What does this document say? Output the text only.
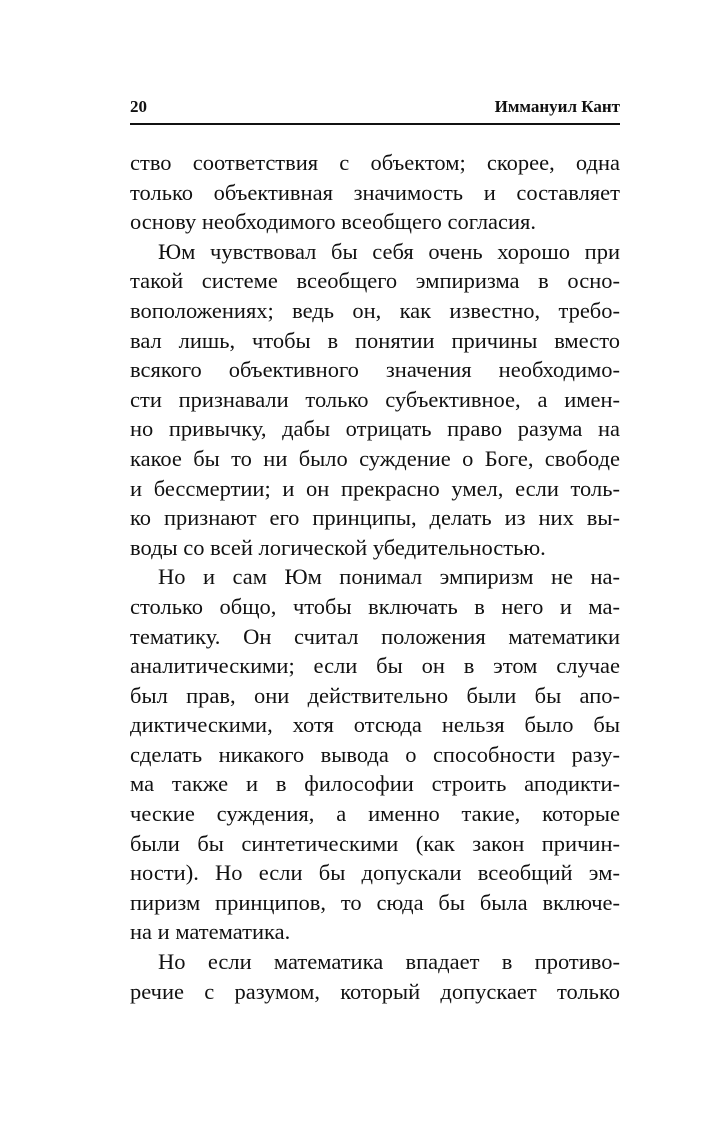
20	Иммануил Кант
ство соответствия с объектом; скорее, одна
только объективная значимость и составляет
основу необходимого всеобщего согласия.
Юм чувствовал бы себя очень хорошо при
такой системе всеобщего эмпиризма в осно-
воположениях; ведь он, как известно, требо-
вал лишь, чтобы в понятии причины вместо
всякого объективного значения необходимо-
сти признавали только субъективное, а имен-
но привычку, дабы отрицать право разума на
какое бы то ни было суждение о Боге, свободе
и бессмертии; и он прекрасно умел, если толь-
ко признают его принципы, делать из них вы-
воды со всей логической убедительностью.
Но и сам Юм понимал эмпиризм не на-
столько общо, чтобы включать в него и ма-
тематику. Он считал положения математики
аналитическими; если бы он в этом случае
был прав, они действительно были бы апо-
диктическими, хотя отсюда нельзя было бы
сделать никакого вывода о способности разу-
ма также и в философии строить аподикти-
ческие суждения, а именно такие, которые
были бы синтетическими (как закон причин-
ности). Но если бы допускали всеобщий эм-
пиризм принципов, то сюда бы была включе-
на и математика.
Но если математика впадает в противо-
речие с разумом, который допускает только
